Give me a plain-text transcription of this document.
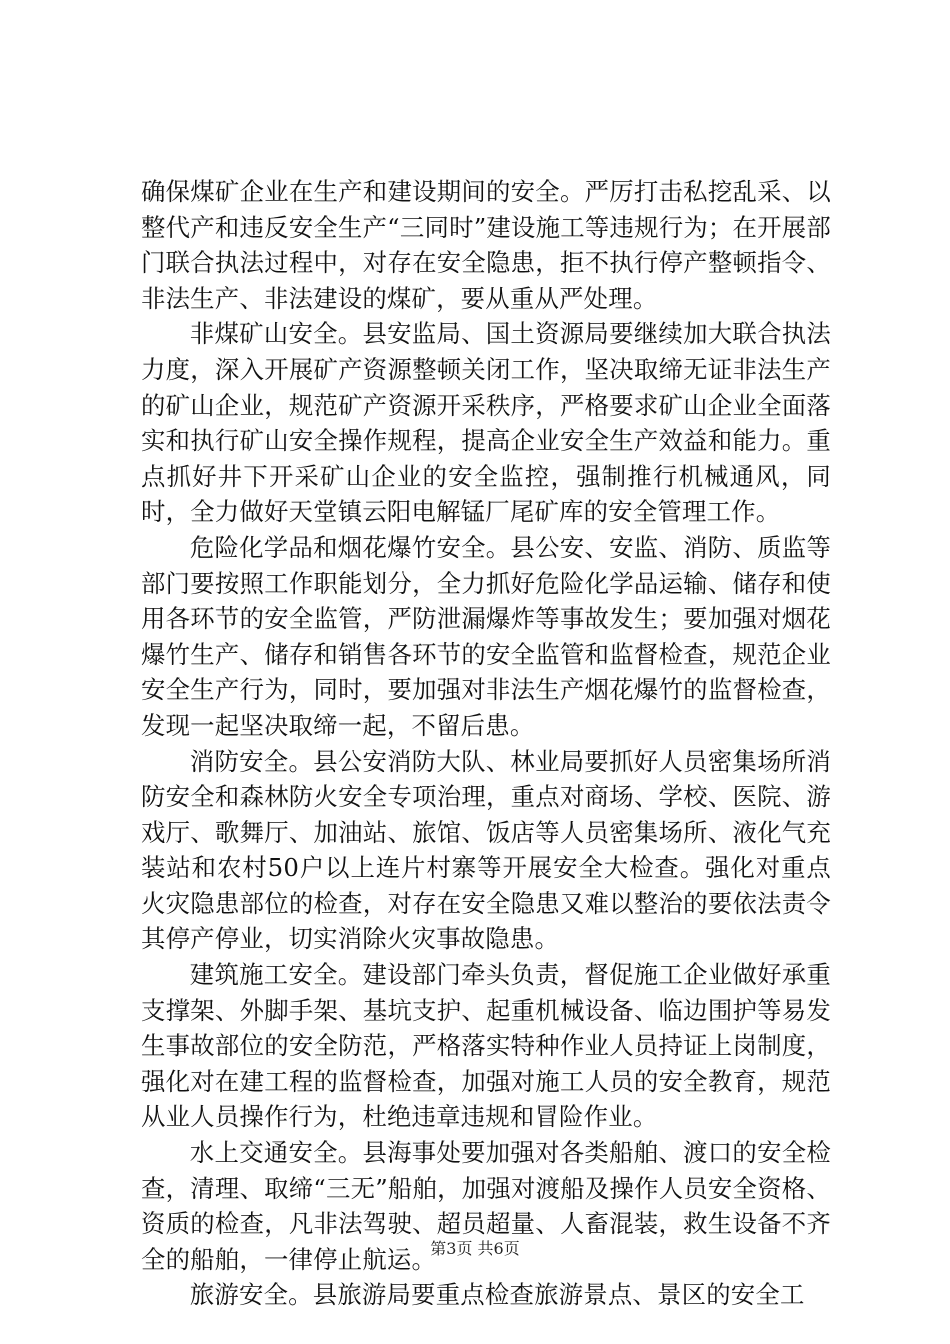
确保煤矿企业在生产和建设期间的安全。严厉打击私挖乱采、以整代产和违反安全生产“三同时”建设施工等违规行为；在开展部门联合执法过程中，对存在安全隐患，拒不执行停产整顿指令、非法生产、非法建设的煤矿，要从重从严处理。

非煤矿山安全。县安监局、国土资源局要继续加大联合执法力度，深入开展矿产资源整顿关闭工作，坚决取缔无证非法生产的矿山企业，规范矿产资源开采秩序，严格要求矿山企业全面落实和执行矿山安全操作规程，提高企业安全生产效益和能力。重点抓好井下开采矿山企业的安全监控，强制推行机械通风，同时，全力做好天堂镇云阳电解锰厂尾矿库的安全管理工作。

危险化学品和烟花爆竹安全。县公安、安监、消防、质监等部门要按照工作职能划分，全力抓好危险化学品运输、储存和使用各环节的安全监管，严防泄漏爆炸等事故发生；要加强对烟花爆竹生产、储存和销售各环节的安全监管和监督检查，规范企业安全生产行为，同时，要加强对非法生产烟花爆竹的监督检查，发现一起坚决取缔一起，不留后患。

消防安全。县公安消防大队、林业局要抓好人员密集场所消防安全和森林防火安全专项治理，重点对商场、学校、医院、游戏厅、歌舞厅、加油站、旅馆、饭店等人员密集场所、液化气充装站和农村50户以上连片村寨等开展安全大检查。强化对重点火灾隐患部位的检查，对存在安全隐患又难以整治的要依法责令其停产停业，切实消除火灾事故隐患。

建筑施工安全。建设部门牵头负责，督促施工企业做好承重支撑架、外脚手架、基坑支护、起重机械设备、临边围护等易发生事故部位的安全防范，严格落实特种作业人员持证上岗制度，强化对在建工程的监督检查，加强对施工人员的安全教育，规范从业人员操作行为，杜绝违章违规和冒险作业。

水上交通安全。县海事处要加强对各类船舶、渡口的安全检查，清理、取缔“三无”船舶，加强对渡船及操作人员安全资格、资质的检查，凡非法驾驶、超员超量、人畜混装，救生设备不齐全的船舶，一律停止航运。

旅游安全。县旅游局要重点检查旅游景点、景区的安全工

第3页 共6页
